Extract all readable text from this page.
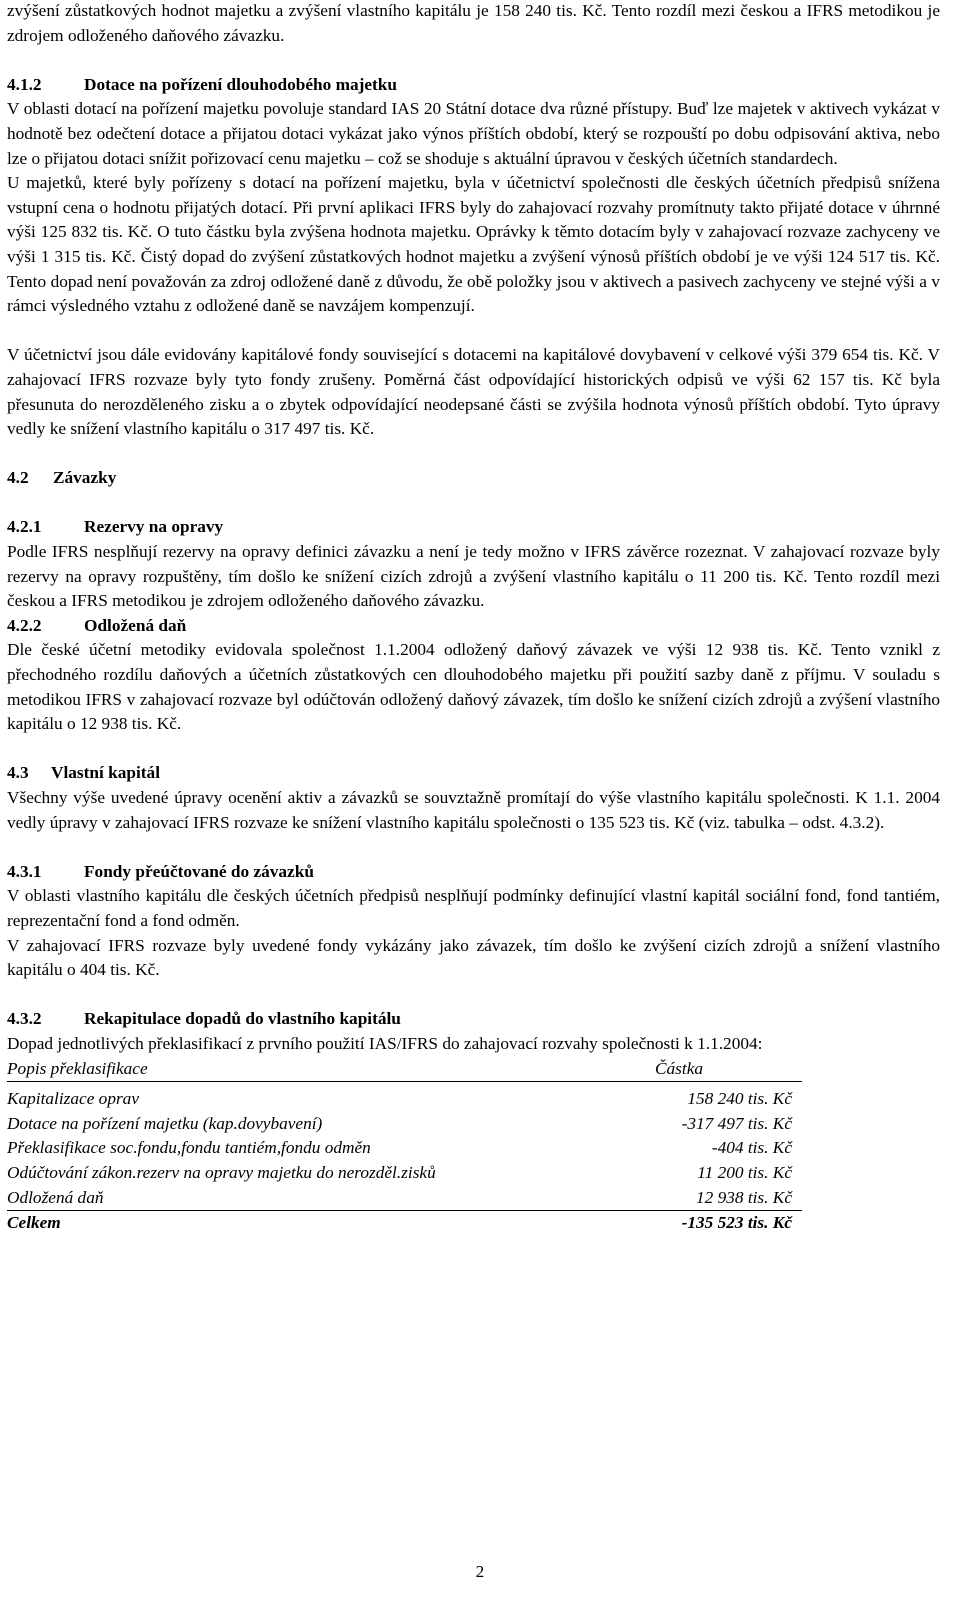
zvýšení zůstatkových hodnot majetku a zvýšení vlastního kapitálu je 158 240 tis. Kč. Tento rozdíl mezi českou a IFRS metodikou je zdrojem odloženého daňového závazku.

4.1.2 Dotace na pořízení dlouhodobého majetku

V oblasti dotací na pořízení majetku povoluje standard IAS 20 Státní dotace dva různé přístupy. Buď lze majetek v aktivech vykázat v hodnotě bez odečtení dotace a přijatou dotaci vykázat jako výnos příštích období, který se rozpouští po dobu odpisování aktiva, nebo lze o přijatou dotaci snížit pořizovací cenu majetku – což se shoduje s aktuální úpravou v českých účetních standardech.

U majetků, které byly pořízeny s dotací na pořízení majetku, byla v účetnictví společnosti dle českých účetních předpisů snížena vstupní cena o hodnotu přijatých dotací. Při první aplikaci IFRS byly do zahajovací rozvahy promítnuty takto přijaté dotace v úhrnné výši 125 832 tis. Kč. O tuto částku byla zvýšena hodnota majetku. Oprávky k těmto dotacím byly v zahajovací rozvaze zachyceny ve výši 1 315 tis. Kč. Čistý dopad do zvýšení zůstatkových hodnot majetku a zvýšení výnosů příštích období je ve výši 124 517 tis. Kč. Tento dopad není považován za zdroj odložené daně z důvodu, že obě položky jsou v aktivech a pasivech zachyceny ve stejné výši a v rámci výsledného vztahu z odložené daně se navzájem kompenzují.

V účetnictví jsou dále evidovány kapitálové fondy související s dotacemi na kapitálové dovybavení v celkové výši 379 654 tis. Kč. V zahajovací IFRS rozvaze byly tyto fondy zrušeny. Poměrná část odpovídající historických odpisů ve výši 62 157 tis. Kč byla přesunuta do nerozděleného zisku a o zbytek odpovídající neodepsané části se zvýšila hodnota výnosů příštích období. Tyto úpravy vedly ke snížení vlastního kapitálu o 317 497 tis. Kč.

4.2 Závazky

4.2.1 Rezervy na opravy

Podle IFRS nesplňují rezervy na opravy definici závazku a není je tedy možno v IFRS závěrce rozeznat. V zahajovací rozvaze byly rezervy na opravy rozpuštěny, tím došlo ke snížení cizích zdrojů a zvýšení vlastního kapitálu o 11 200 tis. Kč. Tento rozdíl mezi českou a IFRS metodikou je zdrojem odloženého daňového závazku.

4.2.2 Odložená daň

Dle české účetní metodiky evidovala společnost 1.1.2004 odložený daňový závazek ve výši 12 938 tis. Kč. Tento vznikl z přechodného rozdílu daňových a účetních zůstatkových cen dlouhodobého majetku při použití sazby daně z příjmu. V souladu s metodikou IFRS v zahajovací rozvaze byl odúčtován odložený daňový závazek, tím došlo ke snížení cizích zdrojů a zvýšení vlastního kapitálu o 12 938 tis. Kč.

4.3 Vlastní kapitál

Všechny výše uvedené úpravy ocenění aktiv a závazků se souvztažně promítají do výše vlastního kapitálu společnosti. K 1.1. 2004 vedly úpravy v zahajovací IFRS rozvaze ke snížení vlastního kapitálu společnosti o 135 523 tis. Kč (viz. tabulka – odst. 4.3.2).

4.3.1 Fondy přeúčtované do závazků

V oblasti vlastního kapitálu dle českých účetních předpisů nesplňují podmínky definující vlastní kapitál sociální fond, fond tantiém, reprezentační fond a fond odměn.

V zahajovací IFRS rozvaze byly uvedené fondy vykázány jako závazek, tím došlo ke zvýšení cizích zdrojů a snížení vlastního kapitálu o 404 tis. Kč.

4.3.2 Rekapitulace dopadů do vlastního kapitálu

Dopad jednotlivých překlasifikací z prvního použití IAS/IFRS do zahajovací rozvahy společnosti k 1.1.2004:

Popis překlasifikace	Částka
Kapitalizace oprav	158 240 tis. Kč
Dotace na pořízení majetku (kap.dovybavení)	-317 497 tis. Kč
Překlasifikace soc.fondu,fondu tantiém,fondu odměn	-404 tis. Kč
Odúčtování zákon.rezerv na opravy majetku do nerozděl.zisků	11 200 tis. Kč
Odložená daň	12 938 tis. Kč
Celkem	-135 523 tis. Kč
2
